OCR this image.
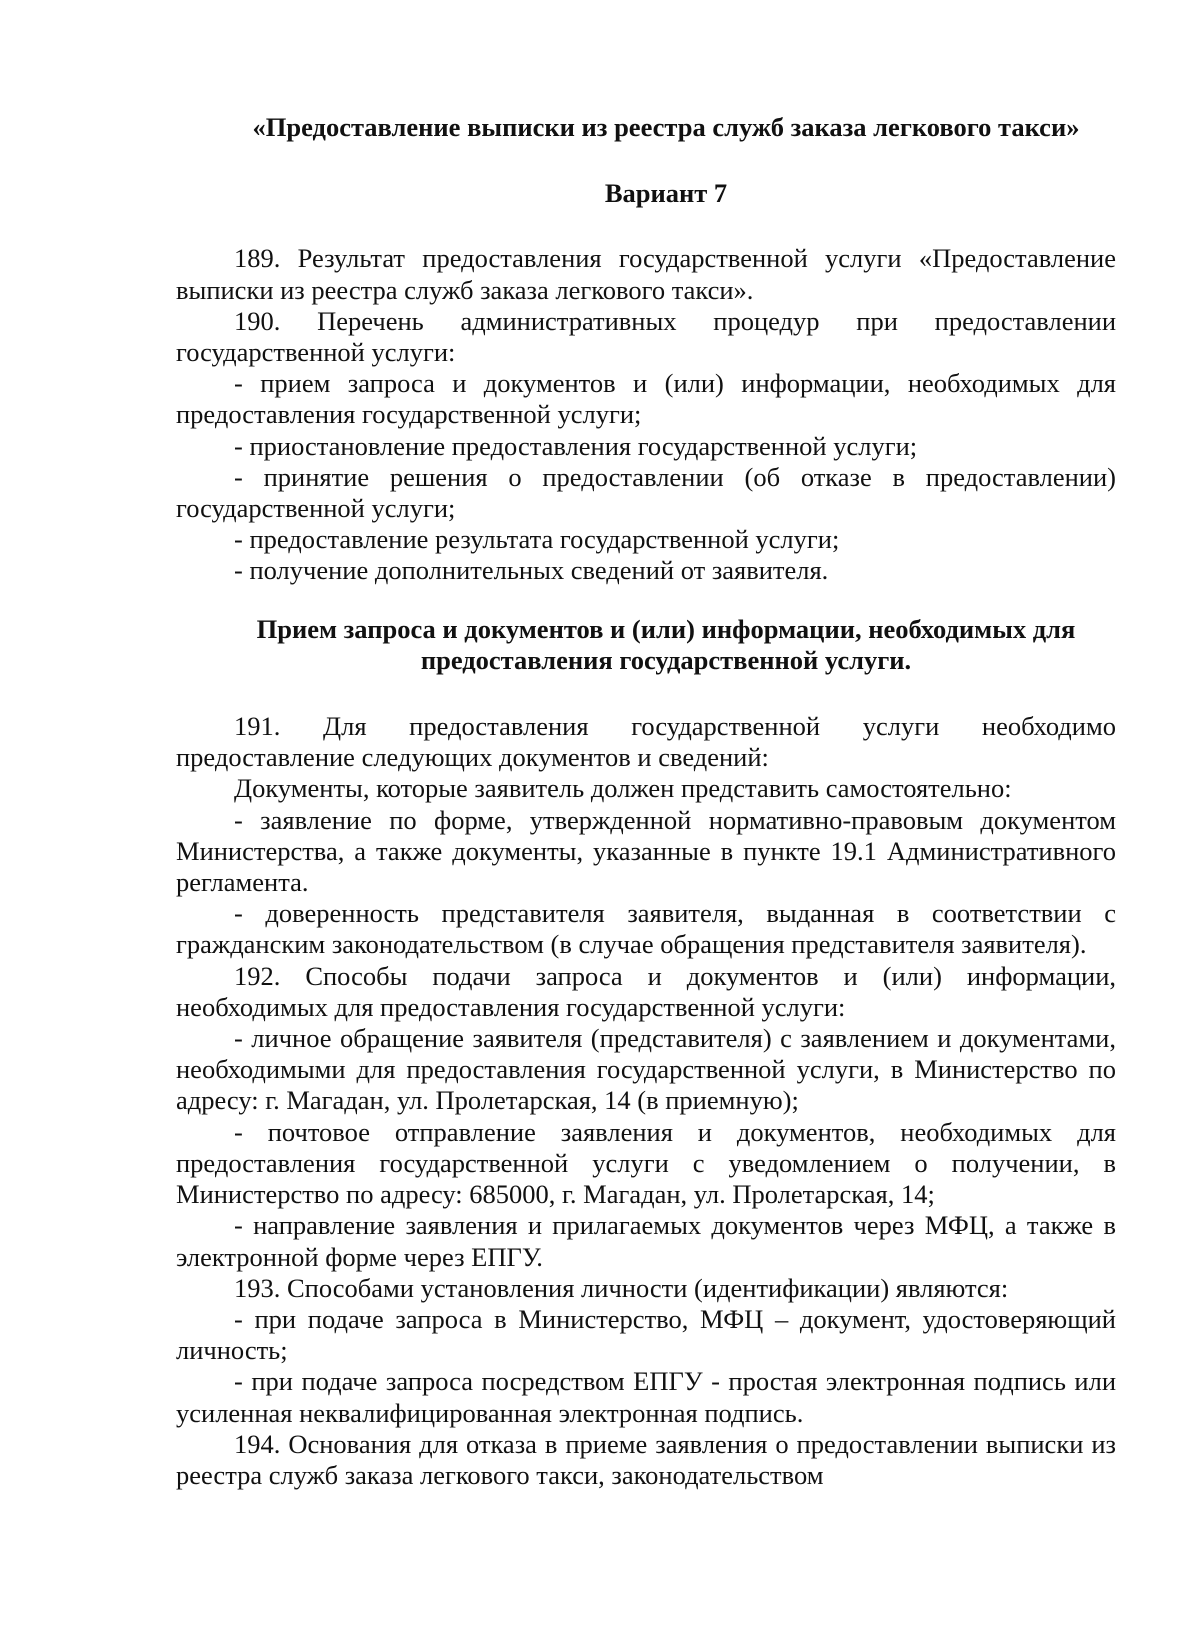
«Предоставление выписки из реестра служб заказа легкового такси»

Вариант 7

189. Результат предоставления государственной услуги «Предоставление выписки из реестра служб заказа легкового такси».

190. Перечень административных процедур при предоставлении государственной услуги:

- прием запроса и документов и (или) информации, необходимых для предоставления государственной услуги;

- приостановление предоставления государственной услуги;

- принятие решения о предоставлении (об отказе в предоставлении) государственной услуги;

- предоставление результата государственной услуги;

- получение дополнительных сведений от заявителя.

Прием запроса и документов и (или) информации, необходимых для предоставления государственной услуги.

191. Для предоставления государственной услуги необходимо предоставление следующих документов и сведений:

Документы, которые заявитель должен представить самостоятельно:

- заявление по форме, утвержденной нормативно-правовым документом Министерства, а также документы, указанные в пункте 19.1 Административного регламента.

- доверенность представителя заявителя, выданная в соответствии с гражданским законодательством (в случае обращения представителя заявителя).

192. Способы подачи запроса и документов и (или) информации, необходимых для предоставления государственной услуги:

- личное обращение заявителя (представителя) с заявлением и документами, необходимыми для предоставления государственной услуги, в Министерство по адресу: г. Магадан, ул. Пролетарская, 14 (в приемную);

- почтовое отправление заявления и документов, необходимых для предоставления государственной услуги с уведомлением о получении, в Министерство по адресу: 685000, г. Магадан, ул. Пролетарская, 14;

- направление заявления и прилагаемых документов через МФЦ, а также в электронной форме через ЕПГУ.

193. Способами установления личности (идентификации) являются:

- при подаче запроса в Министерство, МФЦ – документ, удостоверяющий личность;

- при подаче запроса посредством ЕПГУ - простая электронная подпись или усиленная неквалифицированная электронная подпись.

194. Основания для отказа в приеме заявления о предоставлении выписки из реестра служб заказа легкового такси, законодательством
